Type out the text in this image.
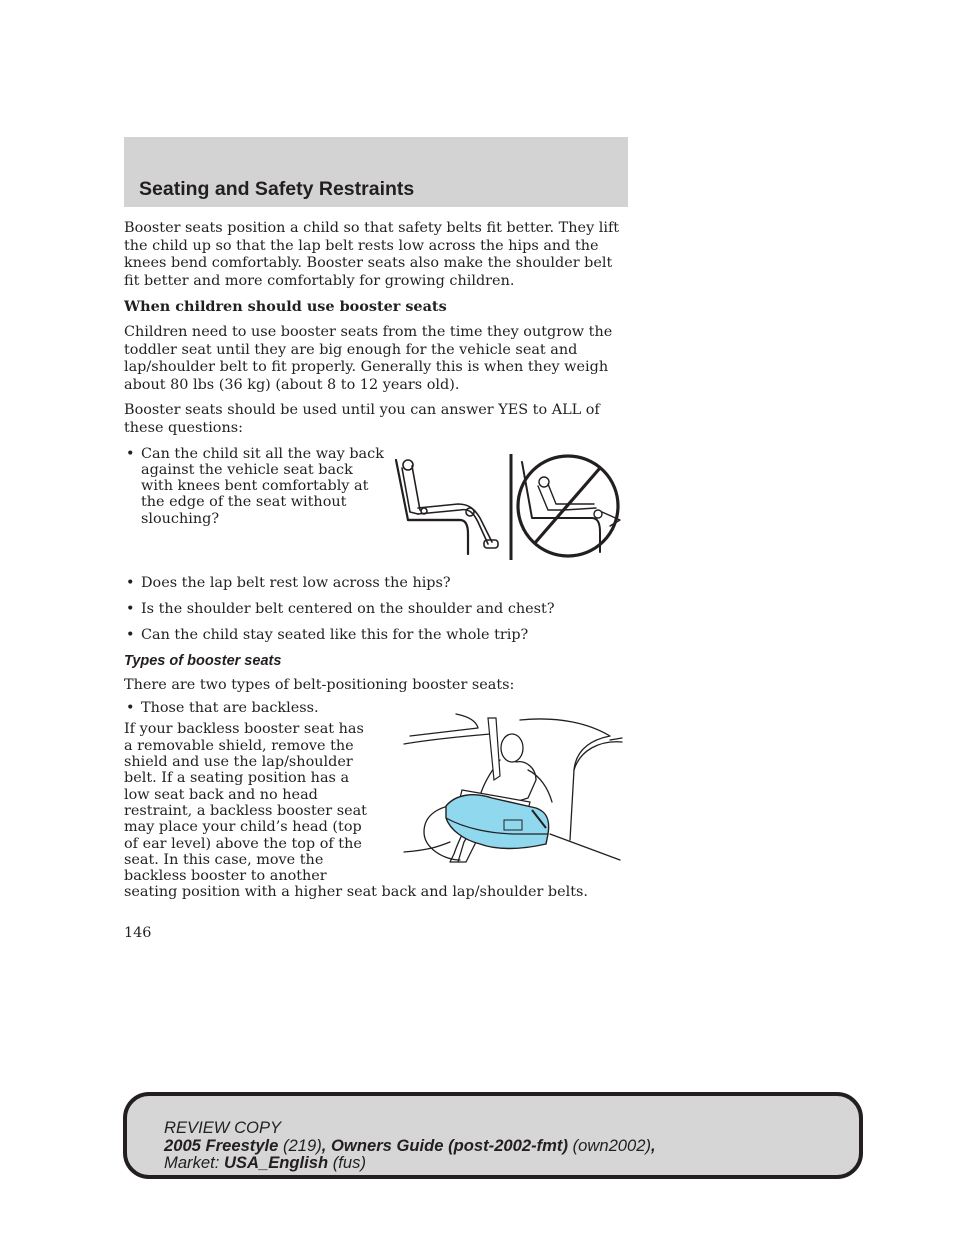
Seating and Safety Restraints

Booster seats position a child so that safety belts fit better. They lift the child up so that the lap belt rests low across the hips and the knees bend comfortably. Booster seats also make the shoulder belt fit better and more comfortably for growing children.

When children should use booster seats

Children need to use booster seats from the time they outgrow the toddler seat until they are big enough for the vehicle seat and lap/shoulder belt to fit properly. Generally this is when they weigh about 80 lbs (36 kg) (about 8 to 12 years old).

Booster seats should be used until you can answer YES to ALL of these questions:

• Can the child sit all the way back against the vehicle seat back with knees bent comfortably at the edge of the seat without slouching?
• Does the lap belt rest low across the hips?
• Is the shoulder belt centered on the shoulder and chest?
• Can the child stay seated like this for the whole trip?

Types of booster seats

There are two types of belt-positioning booster seats:

• Those that are backless.

If your backless booster seat has a removable shield, remove the shield and use the lap/shoulder belt. If a seating position has a low seat back and no head restraint, a backless booster seat may place your child’s head (top of ear level) above the top of the seat. In this case, move the backless booster to another

seating position with a higher seat back and lap/shoulder belts.

146
REVIEW COPY
2005 Freestyle (219), Owners Guide (post-2002-fmt) (own2002),
Market: USA_English (fus)
